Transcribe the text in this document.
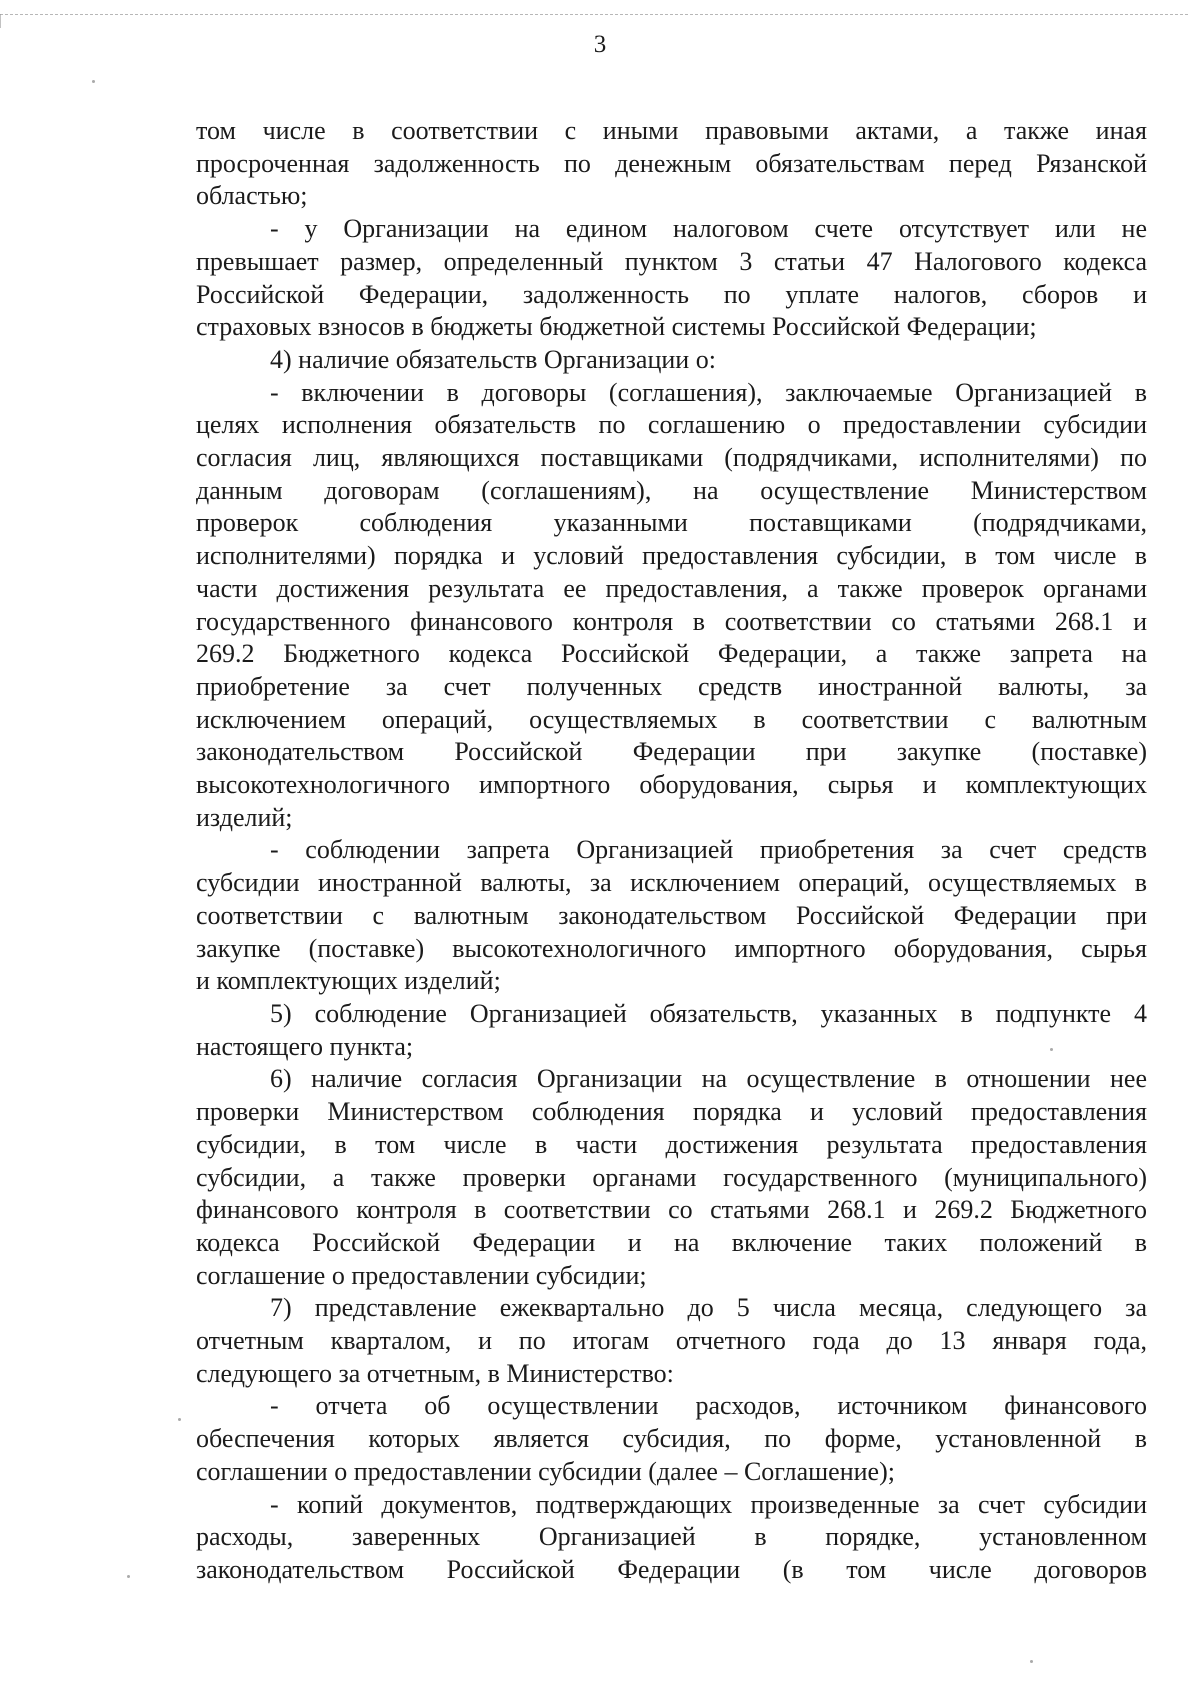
3
том числе в соответствии с иными правовыми актами, а также иная
просроченная задолженность по денежным обязательствам перед Рязанской
областью;
- у Организации на едином налоговом счете отсутствует или не
превышает размер, определенный пунктом 3 статьи 47 Налогового кодекса
Российской Федерации, задолженность по уплате налогов, сборов и
страховых взносов в бюджеты бюджетной системы Российской Федерации;
4) наличие обязательств Организации о:
- включении в договоры (соглашения), заключаемые Организацией в
целях исполнения обязательств по соглашению о предоставлении субсидии
согласия лиц, являющихся поставщиками (подрядчиками, исполнителями) по
данным договорам (соглашениям), на осуществление Министерством
проверок соблюдения указанными поставщиками (подрядчиками,
исполнителями) порядка и условий предоставления субсидии, в том числе в
части достижения результата ее предоставления, а также проверок органами
государственного финансового контроля в соответствии со статьями 268.1 и
269.2 Бюджетного кодекса Российской Федерации, а также запрета на
приобретение за счет полученных средств иностранной валюты, за
исключением операций, осуществляемых в соответствии с валютным
законодательством Российской Федерации при закупке (поставке)
высокотехнологичного импортного оборудования, сырья и комплектующих
изделий;
- соблюдении запрета Организацией приобретения за счет средств
субсидии иностранной валюты, за исключением операций, осуществляемых в
соответствии с валютным законодательством Российской Федерации при
закупке (поставке) высокотехнологичного импортного оборудования, сырья
и комплектующих изделий;
5) соблюдение Организацией обязательств, указанных в подпункте 4
настоящего пункта;
6) наличие согласия Организации на осуществление в отношении нее
проверки Министерством соблюдения порядка и условий предоставления
субсидии, в том числе в части достижения результата предоставления
субсидии, а также проверки органами государственного (муниципального)
финансового контроля в соответствии со статьями 268.1 и 269.2 Бюджетного
кодекса Российской Федерации и на включение таких положений в
соглашение о предоставлении субсидии;
7) представление ежеквартально до 5 числа месяца, следующего за
отчетным кварталом, и по итогам отчетного года до 13 января года,
следующего за отчетным, в Министерство:
- отчета об осуществлении расходов, источником финансового
обеспечения которых является субсидия, по форме, установленной в
соглашении о предоставлении субсидии (далее – Соглашение);
- копий документов, подтверждающих произведенные за счет субсидии
расходы, заверенных Организацией в порядке, установленном
законодательством Российской Федерации (в том числе договоров
